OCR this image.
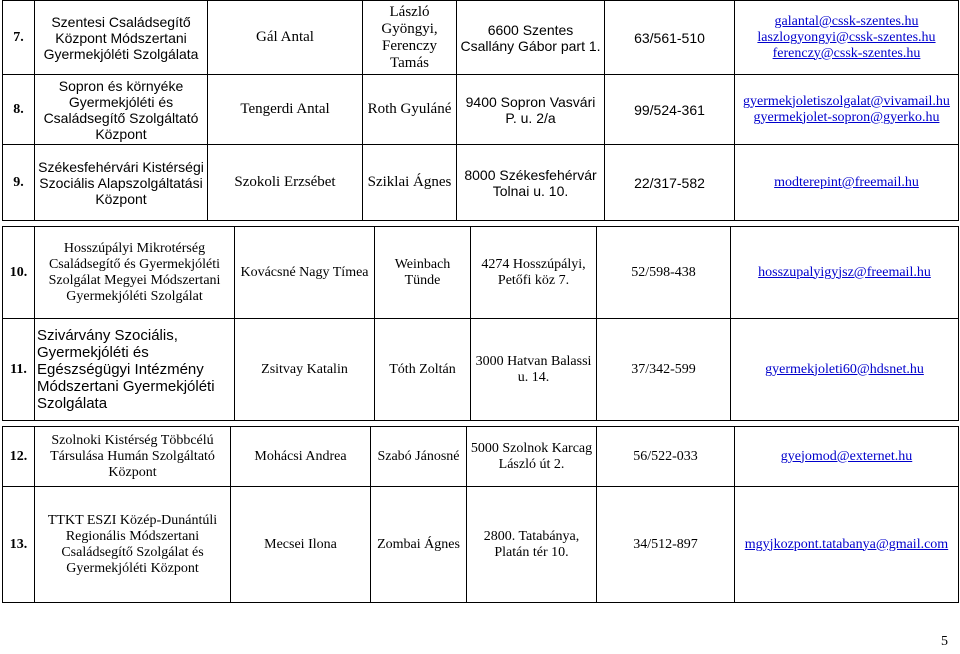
7.	Szentesi Családsegítő Központ Módszertani Gyermekjóléti Szolgálata	Gál Antal	László Gyöngyi, Ferenczy Tamás	6600 Szentes Csallány Gábor part 1.	63/561-510	galantal@cssk-szentes.hu
laszlogyongyi@cssk-szentes.hu
ferenczy@cssk-szentes.hu

8.	Sopron és környéke Gyermekjóléti és Családsegítő Szolgáltató Központ	Tengerdi Antal	Roth Gyuláné	9400 Sopron Vasvári P. u. 2/a	99/524-361	gyermekjoletiszolgalat@vivamail.hu
gyermekjolet-sopron@gyerko.hu

9.	Székesfehérvári Kistérségi Szociális Alapszolgáltatási Központ	Szokoli Erzsébet	Sziklai Ágnes	8000 Székesfehérvár Tolnai u. 10.	22/317-582	modterepint@freemail.hu
10.	Hosszúpályi Mikrotérség Családsegítő és Gyermekjóléti Szolgálat Megyei Módszertani Gyermekjóléti Szolgálat	Kovácsné Nagy Tímea	Weinbach Tünde	4274 Hosszúpályi, Petőfi köz 7.	52/598-438	hosszupalyigyjsz@freemail.hu

11.	Szivárvány Szociális, Gyermekjóléti és Egészségügyi Intézmény Módszertani Gyermekjóléti Szolgálata	Zsitvay Katalin	Tóth Zoltán	3000 Hatvan Balassi u. 14.	37/342-599	gyermekjoleti60@hdsnet.hu
12.	Szolnoki Kistérség Többcélú Társulása Humán Szolgáltató Központ	Mohácsi Andrea	Szabó Jánosné	5000 Szolnok Karcag László út 2.	56/522-033	gyejomod@externet.hu

13.	TTKT ESZI Közép-Dunántúli Regionális Módszertani Családsegítő Szolgálat és Gyermekjóléti Központ	Mecsei Ilona	Zombai Ágnes	2800. Tatabánya, Platán tér 10.	34/512-897	mgyjkozpont.tatabanya@gmail.com
5
